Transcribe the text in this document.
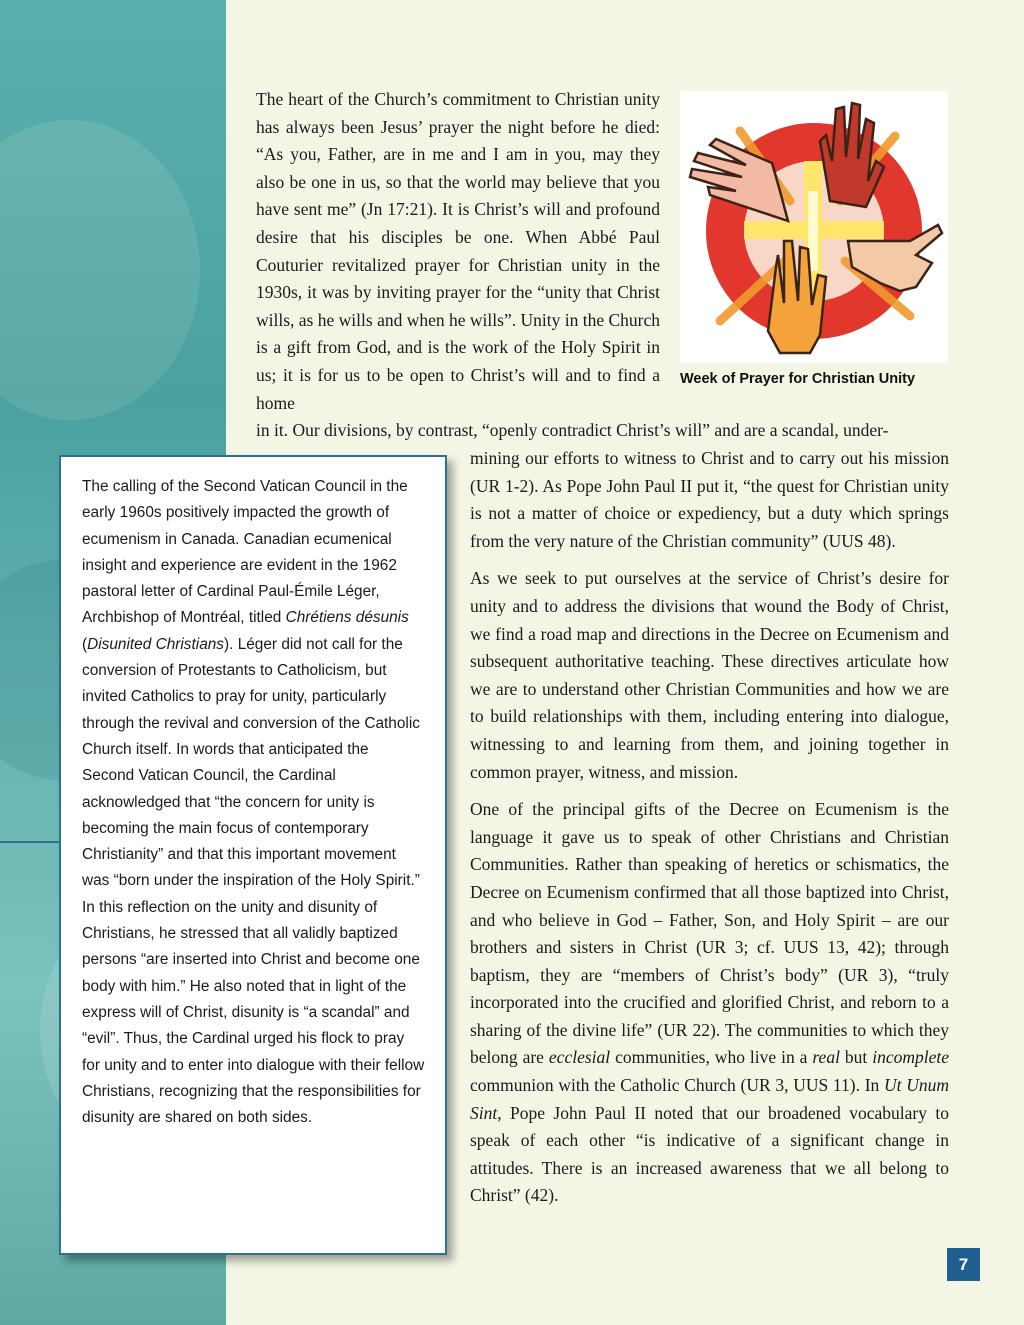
The heart of the Church’s commitment to Christian unity has always been Jesus’ prayer the night before he died: “As you, Father, are in me and I am in you, may they also be one in us, so that the world may believe that you have sent me” (Jn 17:21). It is Christ’s will and profound desire that his disciples be one. When Abbé Paul Couturier revitalized prayer for Christian unity in the 1930s, it was by inviting prayer for the “unity that Christ wills, as he wills and when he wills”. Unity in the Church is a gift from God, and is the work of the Holy Spirit in us; it is for us to be open to Christ’s will and to find a home

in it. Our divisions, by contrast, “openly contradict Christ’s will” and are a scandal, under-

Week of Prayer for Christian Unity

mining our efforts to witness to Christ and to carry out his mission (UR 1-2). As Pope John Paul II put it, “the quest for Christian unity is not a matter of choice or expediency, but a duty which springs from the very nature of the Christian community” (UUS 48).

As we seek to put ourselves at the service of Christ’s desire for unity and to address the divisions that wound the Body of Christ, we find a road map and directions in the Decree on Ecumenism and subsequent authoritative teaching. These directives articulate how we are to understand other Christian Communities and how we are to build relationships with them, including entering into dialogue, witnessing to and learning from them, and joining together in common prayer, witness, and mission.

One of the principal gifts of the Decree on Ecumenism is the language it gave us to speak of other Christians and Christian Communities. Rather than speaking of heretics or schismatics, the Decree on Ecumenism confirmed that all those baptized into Christ, and who believe in God – Father, Son, and Holy Spirit – are our brothers and sisters in Christ (UR 3; cf. UUS 13, 42); through baptism, they are “members of Christ’s body” (UR 3), “truly incorporated into the crucified and glorified Christ, and reborn to a sharing of the divine life” (UR 22). The communities to which they belong are ecclesial communities, who live in a real but incomplete communion with the Catholic Church (UR 3, UUS 11). In Ut Unum Sint, Pope John Paul II noted that our broadened vocabulary to speak of each other “is indicative of a significant change in attitudes. There is an increased awareness that we all belong to Christ” (42).

The calling of the Second Vatican Council in the early 1960s positively impacted the growth of ecumenism in Canada. Canadian ecumenical insight and experience are evident in the 1962 pastoral letter of Cardinal Paul-Émile Léger, Archbishop of Montréal, titled Chrétiens désunis (Disunited Christians). Léger did not call for the conversion of Protestants to Catholicism, but invited Catholics to pray for unity, particularly through the revival and conversion of the Catholic Church itself. In words that anticipated the Second Vatican Council, the Cardinal acknowledged that “the concern for unity is becoming the main focus of contemporary Christianity” and that this important movement was “born under the inspiration of the Holy Spirit.” In this reflection on the unity and disunity of Christians, he stressed that all validly baptized persons “are inserted into Christ and become one body with him.” He also noted that in light of the express will of Christ, disunity is “a scandal” and “evil”. Thus, the Cardinal urged his flock to pray for unity and to enter into dialogue with their fellow Christians, recognizing that the responsibilities for disunity are shared on both sides.

7
